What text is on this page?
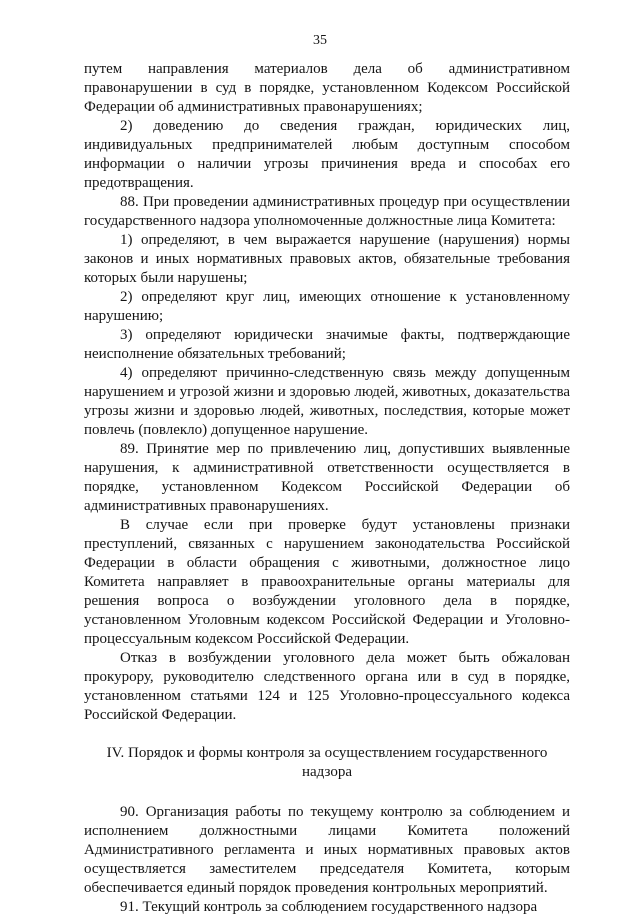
35

путем направления материалов дела об административном правонарушении в суд в порядке, установленном Кодексом Российской Федерации об административных правонарушениях;

2) доведению до сведения граждан, юридических лиц, индивидуальных предпринимателей любым доступным способом информации о наличии угрозы причинения вреда и способах его предотвращения.

88. При проведении административных процедур при осуществлении государственного надзора уполномоченные должностные лица Комитета:

1) определяют, в чем выражается нарушение (нарушения) нормы законов и иных нормативных правовых актов, обязательные требования которых были нарушены;

2) определяют круг лиц, имеющих отношение к установленному нарушению;

3) определяют юридически значимые факты, подтверждающие неисполнение обязательных требований;

4) определяют причинно-следственную связь между допущенным нарушением и угрозой жизни и здоровью людей, животных, доказательства угрозы жизни и здоровью людей, животных, последствия, которые может повлечь (повлекло) допущенное нарушение.

89. Принятие мер по привлечению лиц, допустивших выявленные нарушения, к административной ответственности осуществляется в порядке, установленном Кодексом Российской Федерации об административных правонарушениях.

В случае если при проверке будут установлены признаки преступлений, связанных с нарушением законодательства Российской Федерации в области обращения с животными, должностное лицо Комитета направляет в правоохранительные органы материалы для решения вопроса о возбуждении уголовного дела в порядке, установленном Уголовным кодексом Российской Федерации и Уголовно-процессуальным кодексом Российской Федерации.

Отказ в возбуждении уголовного дела может быть обжалован прокурору, руководителю следственного органа или в суд в порядке, установленном статьями 124 и 125 Уголовно-процессуального кодекса Российской Федерации.

IV. Порядок и формы контроля за осуществлением государственного надзора

90. Организация работы по текущему контролю за соблюдением и исполнением должностными лицами Комитета положений Административного регламента и иных нормативных правовых актов осуществляется заместителем председателя Комитета, которым обеспечивается единый порядок проведения контрольных мероприятий.

91. Текущий контроль за соблюдением государственного надзора
